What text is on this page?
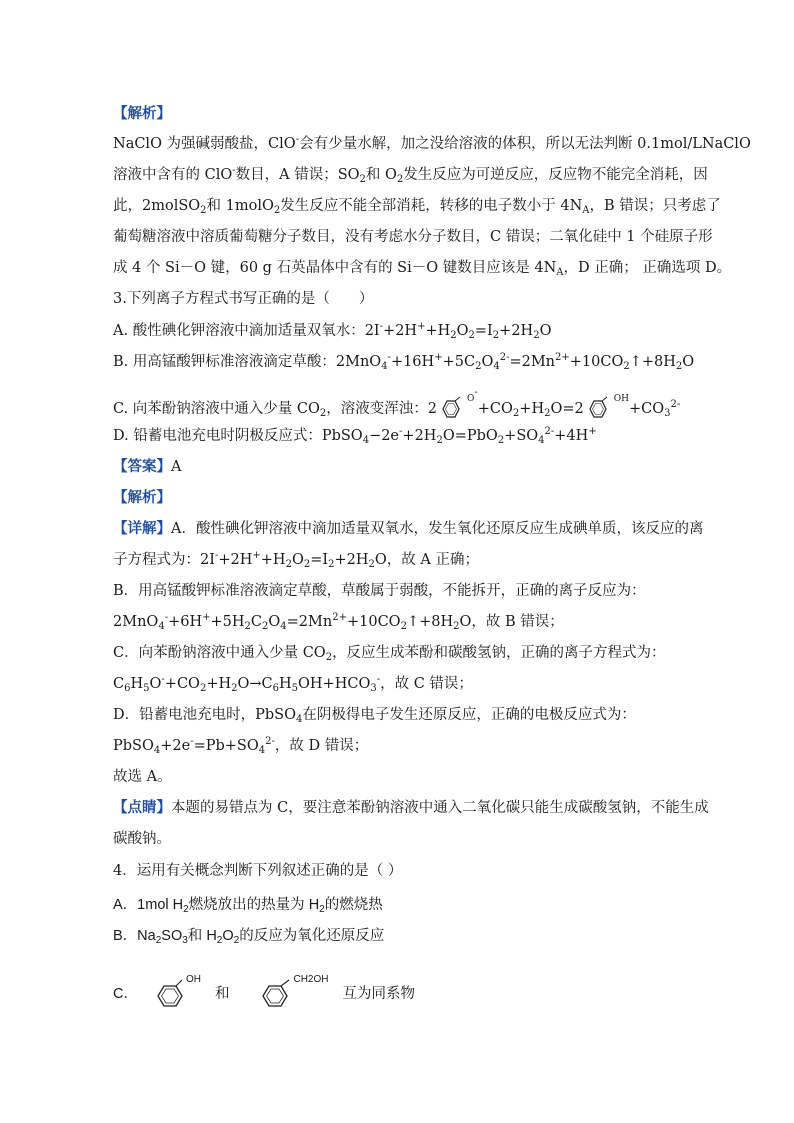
【解析】
NaClO 为强碱弱酸盐，ClO-会有少量水解，加之没给溶液的体积，所以无法判断 0.1mol/LNaClO
溶液中含有的 ClO-数目，A 错误；$SO_2$和 $O_2$发生反应为可逆反应，反应物不能完全消耗，因
此，2molSO$_2$和 1molO$_2$发生反应不能全部消耗，转移的电子数小于 $4N_A$，B 错误；只考虑了
葡萄糖溶液中溶质葡萄糖分子数目，没有考虑水分子数目，C 错误；二氧化硅中 1 个硅原子形
成 4 个 Si－O 键，60 g 石英晶体中含有的 Si－O 键数目应该是 $4N_A$，D 正确； 正确选项 D。
3.下列离子方程式书写正确的是（　　）
A. 酸性碘化钾溶液中滴加适量双氧水：$2I^-+2H^++H_2O_2=I_2+2H_2O$
B. 用高锰酸钾标准溶液滴定草酸：$2MnO_4^-+16H^++5C_2O_4^{2-}=2Mn^{2+}+10CO_2↑+8H_2O$
C. 向苯酚钠溶液中通入少量 $CO_2$，溶液变浑浊：2
$^{O^-}+CO_2+H_2O=2$
$^{OH}+CO_3^{2-}$
D. 铅蓄电池充电时阴极反应式：$PbSO_4-2e^-+2H_2O=PbO_2+SO_4^{2-}+4H^+$
【答案】A
【解析】
【详解】A．酸性碘化钾溶液中滴加适量双氧水，发生氧化还原反应生成碘单质，该反应的离
子方程式为：$2I^-+2H^++H_2O_2=I_2+2H_2O$，故 A 正确；
B．用高锰酸钾标准溶液滴定草酸，草酸属于弱酸，不能拆开，正确的离子反应为：
$2MnO_4^-+6H^++5H_2C_2O_4=2Mn^{2+}+10CO_2↑+8H_2O$，故 B 错误；
C．向苯酚钠溶液中通入少量 $CO_2$，反应生成苯酚和碳酸氢钠，正确的离子方程式为：
$C_6H_5O^-+CO_2+H_2O\to C_6H_5OH+HCO_3^-$，故 C 错误；
D．铅蓄电池充电时，PbSO$_4$在阴极得电子发生还原反应，正确的电极反应式为：
$PbSO_4+2e^-=Pb+SO_4^{2-}$，故 D 错误；
故选 A。
【点睛】本题的易错点为 C，要注意苯酚钠溶液中通入二氧化碳只能生成碳酸氢钠，不能生成
碳酸钠。
4．运用有关概念判断下列叙述正确的是（ ）
A．1mol $H_2$燃烧放出的热量为 $H_2$的燃烧热
B．$Na_2SO_3$和 $H_2O_2$的反应为氧化还原反应
C．
$^{OH}$和
$^{CH2OH}$互为同系物
